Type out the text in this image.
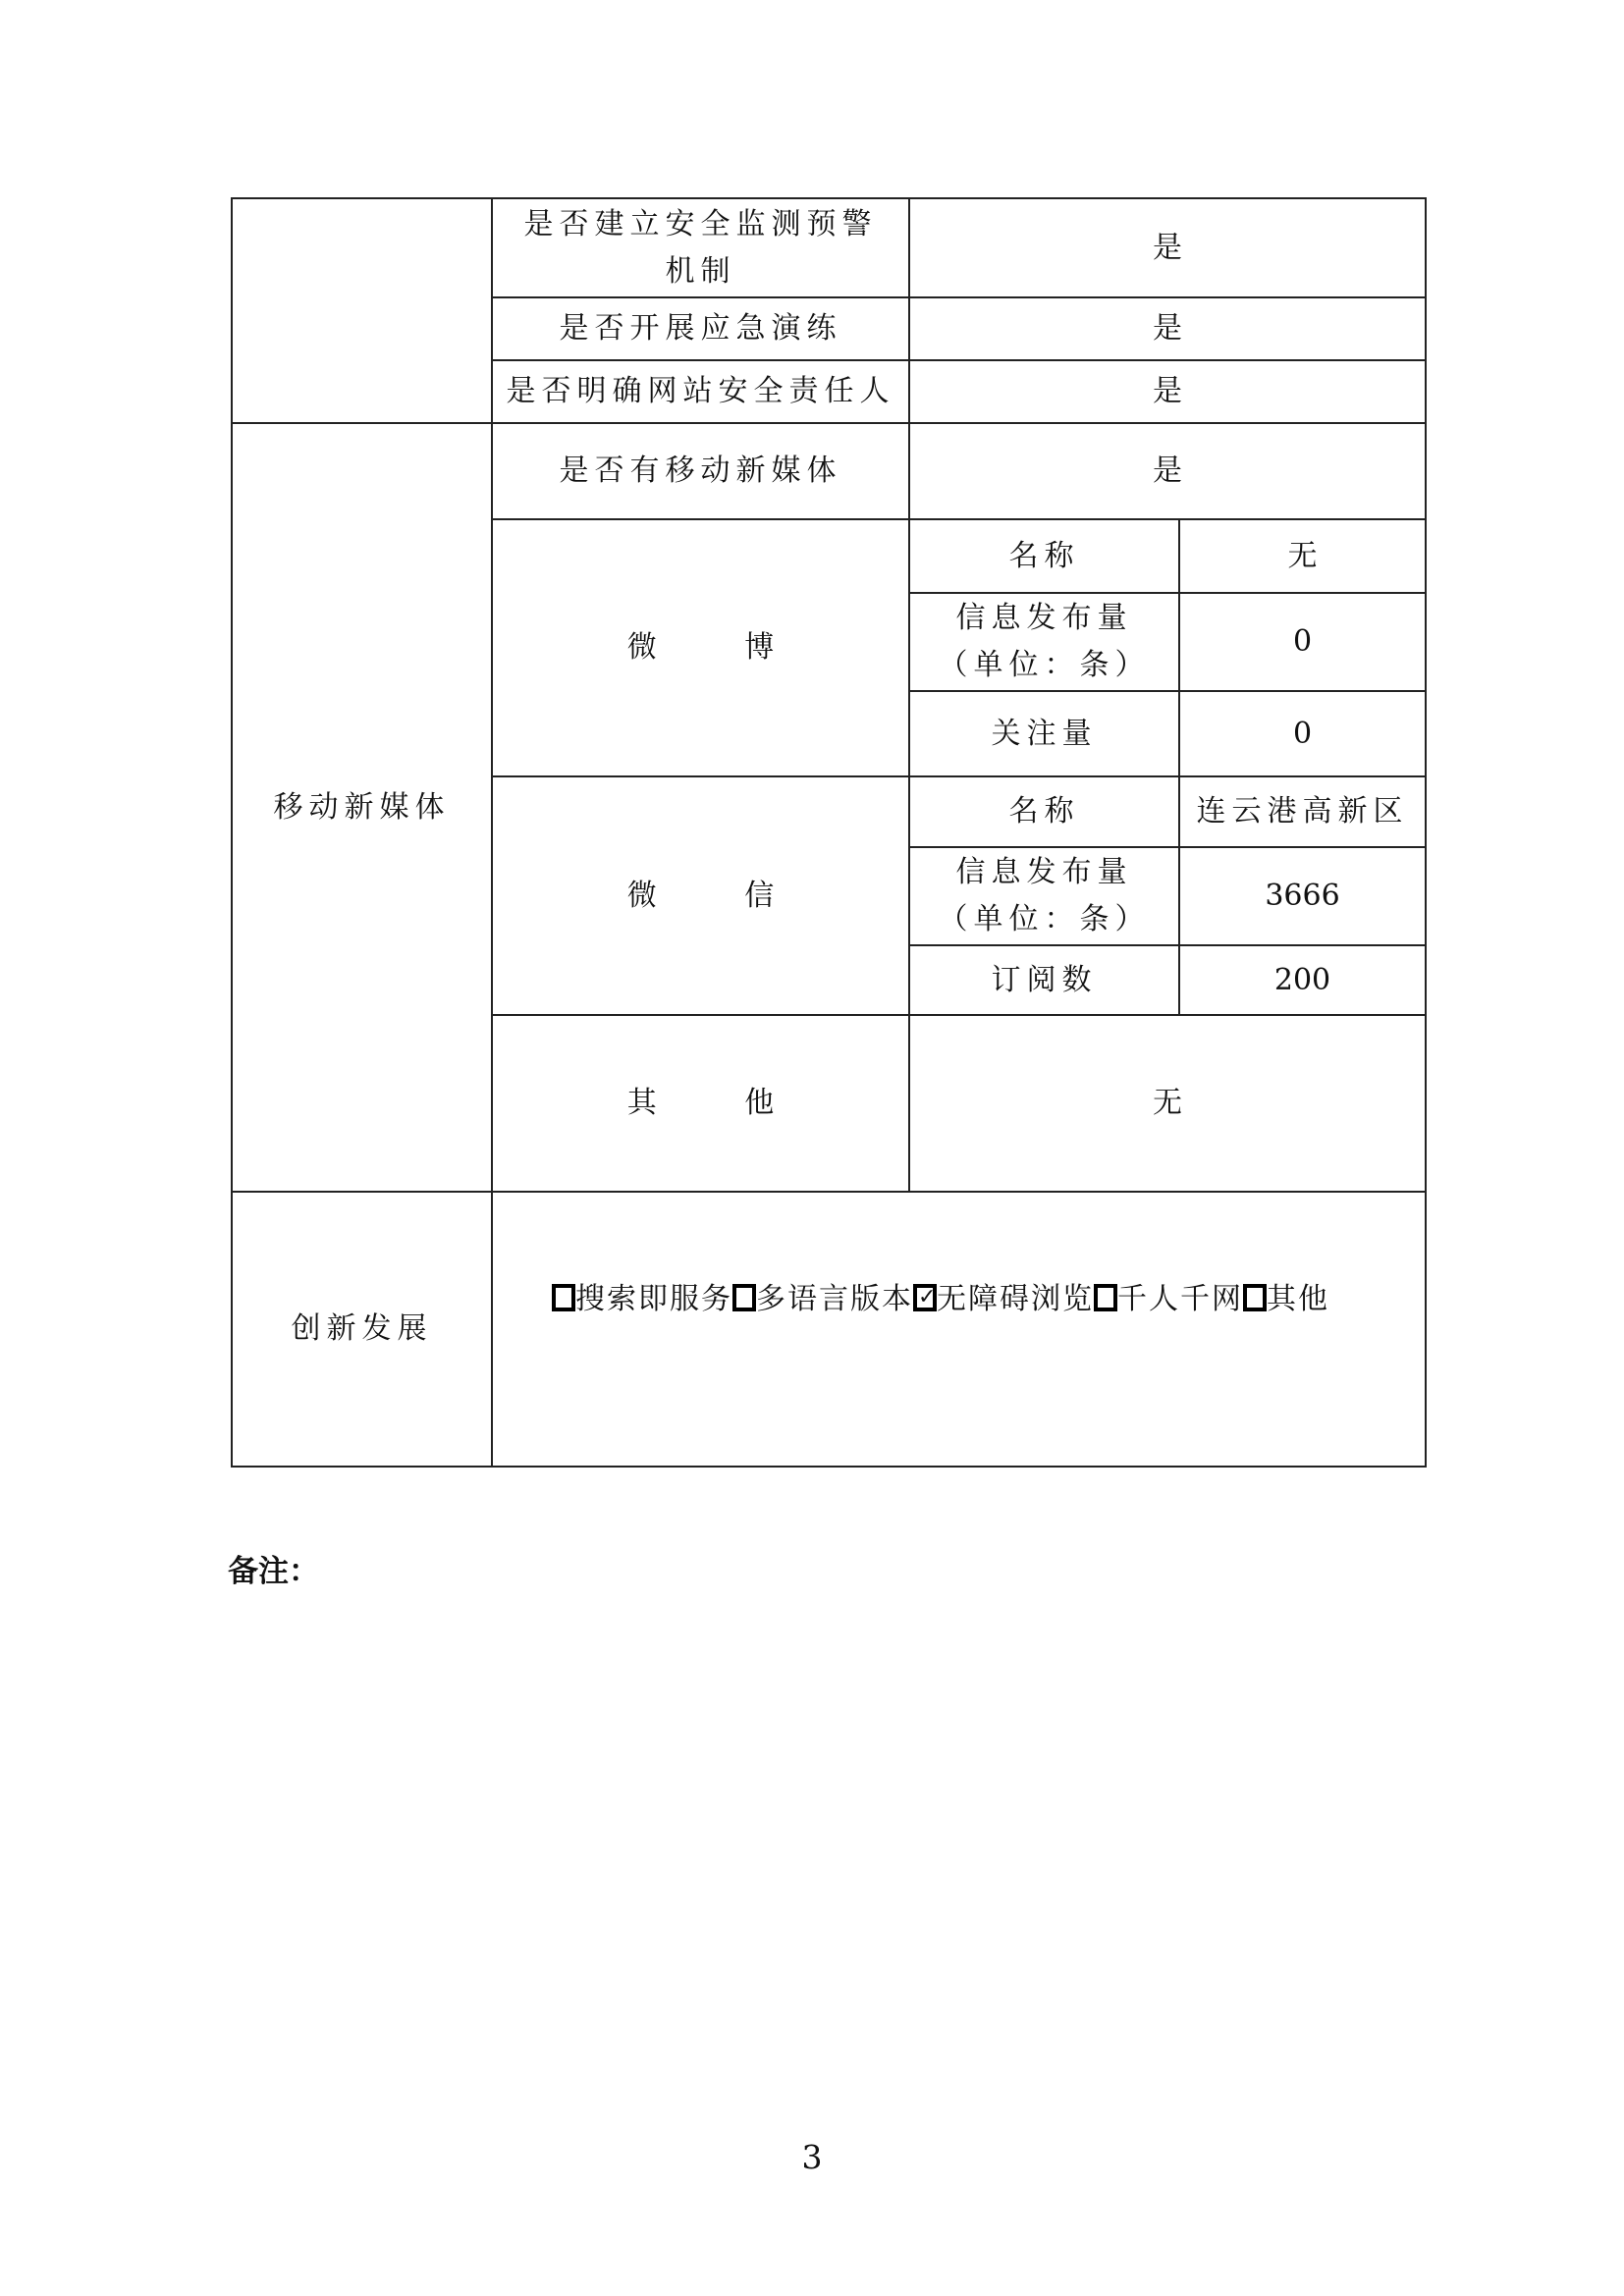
	是否建立安全监测预警
机制	是	
	是否开展应急演练	是	
	是否明确网站安全责任人	是	
移动新媒体	是否有移动新媒体	是	
	微 博	名称	无

		信息发布量
（单位：条）	0
		关注量	0
	微 信	名称	连云港高新区

		信息发布量
（单位：条）	3666
		订阅数	200
	其 他	无	
创新发展	搜索即服务 多语言版本 ✓ 无障碍浏览 千人千网 其他
备注：
3
